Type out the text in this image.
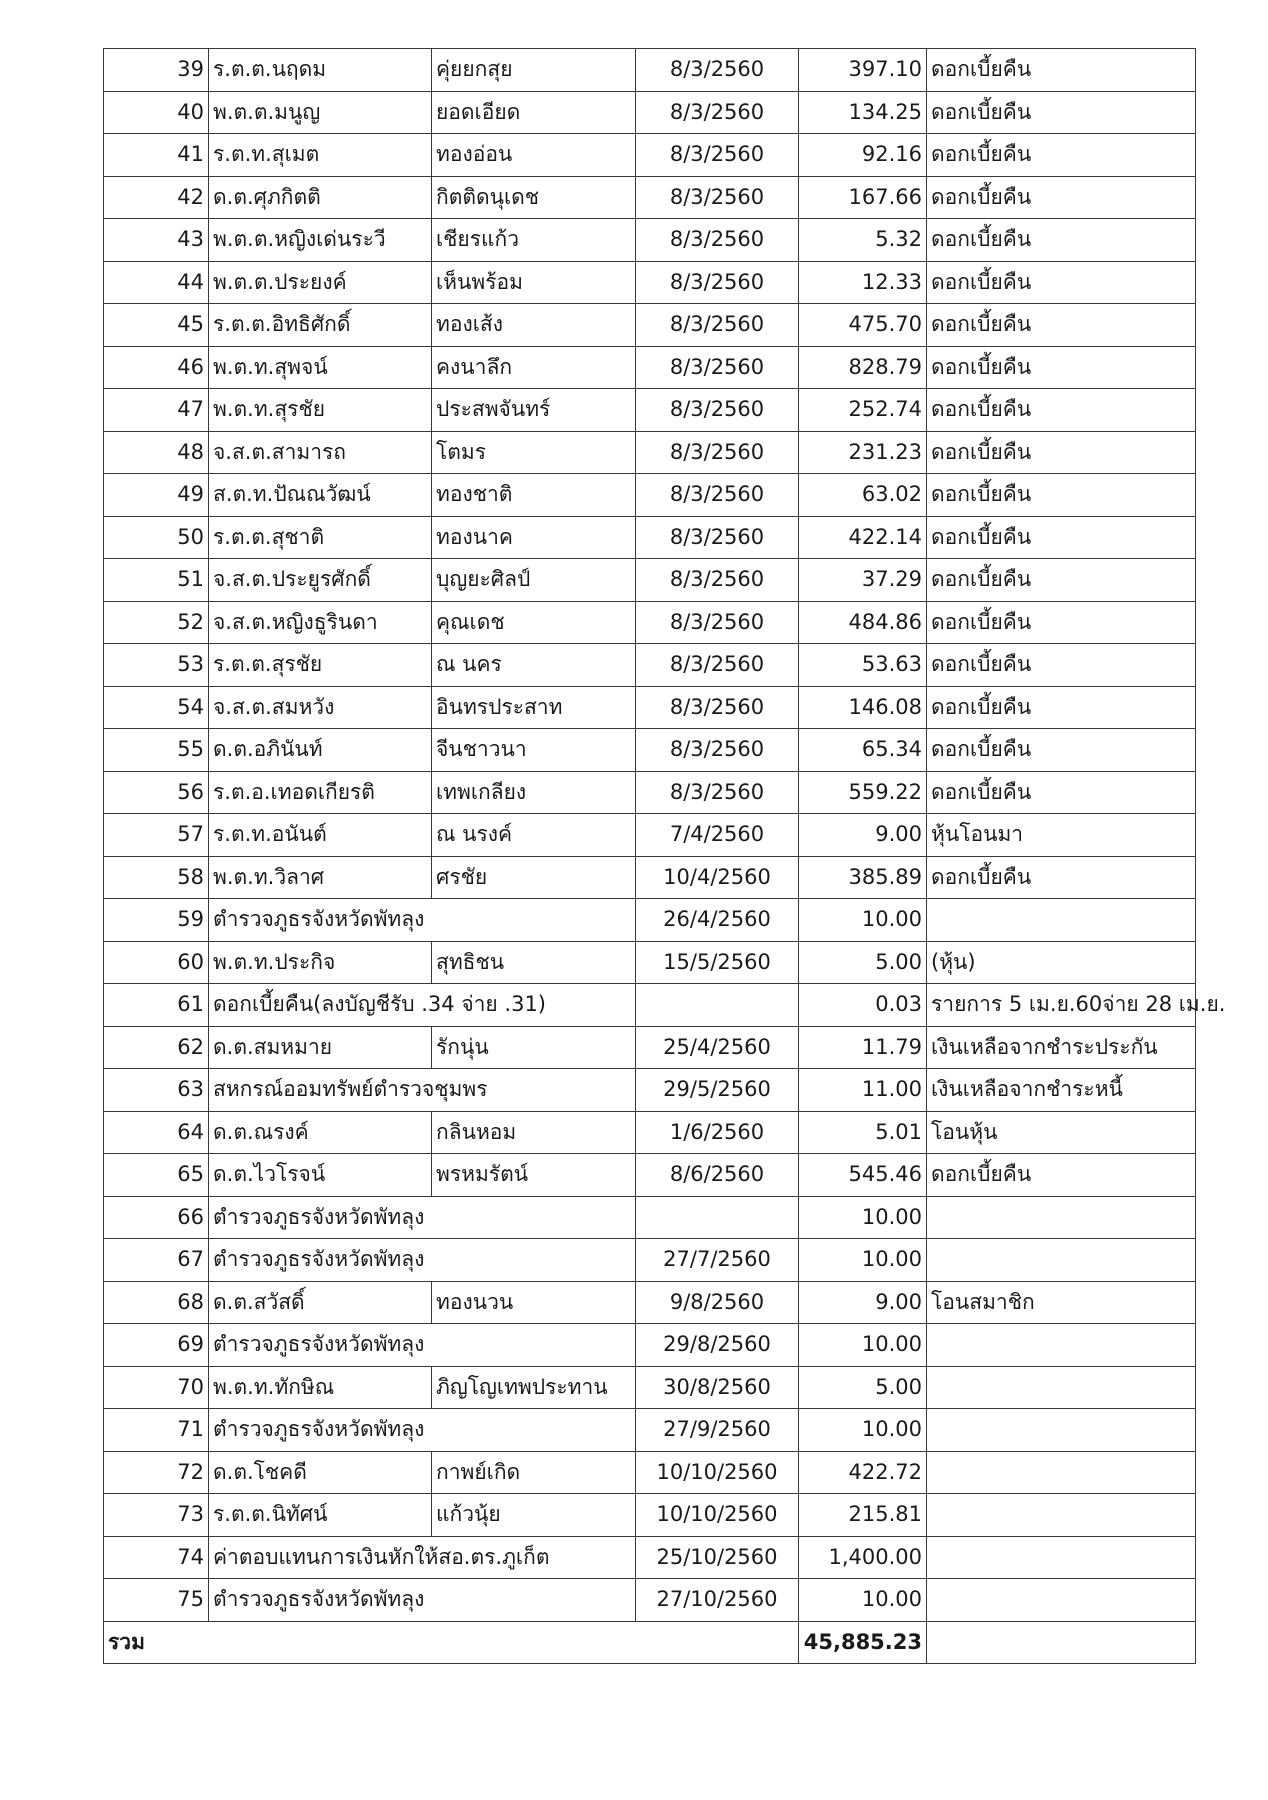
39	ร.ต.ต.นฤดม	คุ่ยยกสุย	8/3/2560	397.10	ดอกเบี้ยคืน
40	พ.ต.ต.มนูญ	ยอดเอียด	8/3/2560	134.25	ดอกเบี้ยคืน
41	ร.ต.ท.สุเมต	ทองอ่อน	8/3/2560	92.16	ดอกเบี้ยคืน
42	ด.ต.ศุภกิตติ	กิตติดนุเดช	8/3/2560	167.66	ดอกเบี้ยคืน
43	พ.ต.ต.หญิงเด่นระวี	เชียรแก้ว	8/3/2560	5.32	ดอกเบี้ยคืน
44	พ.ต.ต.ประยงค์	เห็นพร้อม	8/3/2560	12.33	ดอกเบี้ยคืน
45	ร.ต.ต.อิทธิศักดิ์	ทองเส้ง	8/3/2560	475.70	ดอกเบี้ยคืน
46	พ.ต.ท.สุพจน์	คงนาลึก	8/3/2560	828.79	ดอกเบี้ยคืน
47	พ.ต.ท.สุรชัย	ประสพจันทร์	8/3/2560	252.74	ดอกเบี้ยคืน
48	จ.ส.ต.สามารถ	โตมร	8/3/2560	231.23	ดอกเบี้ยคืน
49	ส.ต.ท.ปัณณวัฒน์	ทองชาติ	8/3/2560	63.02	ดอกเบี้ยคืน
50	ร.ต.ต.สุชาติ	ทองนาค	8/3/2560	422.14	ดอกเบี้ยคืน
51	จ.ส.ต.ประยูรศักดิ์	บุญยะศิลป์	8/3/2560	37.29	ดอกเบี้ยคืน
52	จ.ส.ต.หญิงธูรินดา	คุณเดช	8/3/2560	484.86	ดอกเบี้ยคืน
53	ร.ต.ต.สุรชัย	ณ นคร	8/3/2560	53.63	ดอกเบี้ยคืน
54	จ.ส.ต.สมหวัง	อินทรประสาท	8/3/2560	146.08	ดอกเบี้ยคืน
55	ด.ต.อภินันท์	จีนชาวนา	8/3/2560	65.34	ดอกเบี้ยคืน
56	ร.ต.อ.เทอดเกียรติ	เทพเกลียง	8/3/2560	559.22	ดอกเบี้ยคืน
57	ร.ต.ท.อนันต์	ณ นรงค์	7/4/2560	9.00	หุ้นโอนมา
58	พ.ต.ท.วิลาศ	ศรชัย	10/4/2560	385.89	ดอกเบี้ยคืน
59	ตำรวจภูธรจังหวัดพัทลุง		26/4/2560	10.00	
60	พ.ต.ท.ประกิจ	สุทธิชน	15/5/2560	5.00	(หุ้น)
61	ดอกเบี้ยคืน(ลงบัญชีรับ .34 จ่าย .31)			0.03	รายการ 5 เม.ย.60จ่าย 28 เม.ย.
62	ด.ต.สมหมาย	รักนุ่น	25/4/2560	11.79	เงินเหลือจากชำระประกัน
63	สหกรณ์ออมทรัพย์ตำรวจชุมพร		29/5/2560	11.00	เงินเหลือจากชำระหนี้
64	ด.ต.ณรงค์	กลินหอม	1/6/2560	5.01	โอนหุ้น
65	ด.ต.ไวโรจน์	พรหมรัตน์	8/6/2560	545.46	ดอกเบี้ยคืน
66	ตำรวจภูธรจังหวัดพัทลุง			10.00	
67	ตำรวจภูธรจังหวัดพัทลุง		27/7/2560	10.00	
68	ด.ต.สวัสดิ์	ทองนวน	9/8/2560	9.00	โอนสมาชิก
69	ตำรวจภูธรจังหวัดพัทลุง		29/8/2560	10.00	
70	พ.ต.ท.ทักษิณ	ภิญโญเทพประทาน	30/8/2560	5.00	
71	ตำรวจภูธรจังหวัดพัทลุง		27/9/2560	10.00	
72	ด.ต.โชคดี	กาพย์เกิด	10/10/2560	422.72	
73	ร.ต.ต.นิทัศน์	แก้วนุ้ย	10/10/2560	215.81	
74	ค่าตอบแทนการเงินหักให้สอ.ตร.ภูเก็ต		25/10/2560	1,400.00	
75	ตำรวจภูธรจังหวัดพัทลุง		27/10/2560	10.00	
รวม				45,885.23	
